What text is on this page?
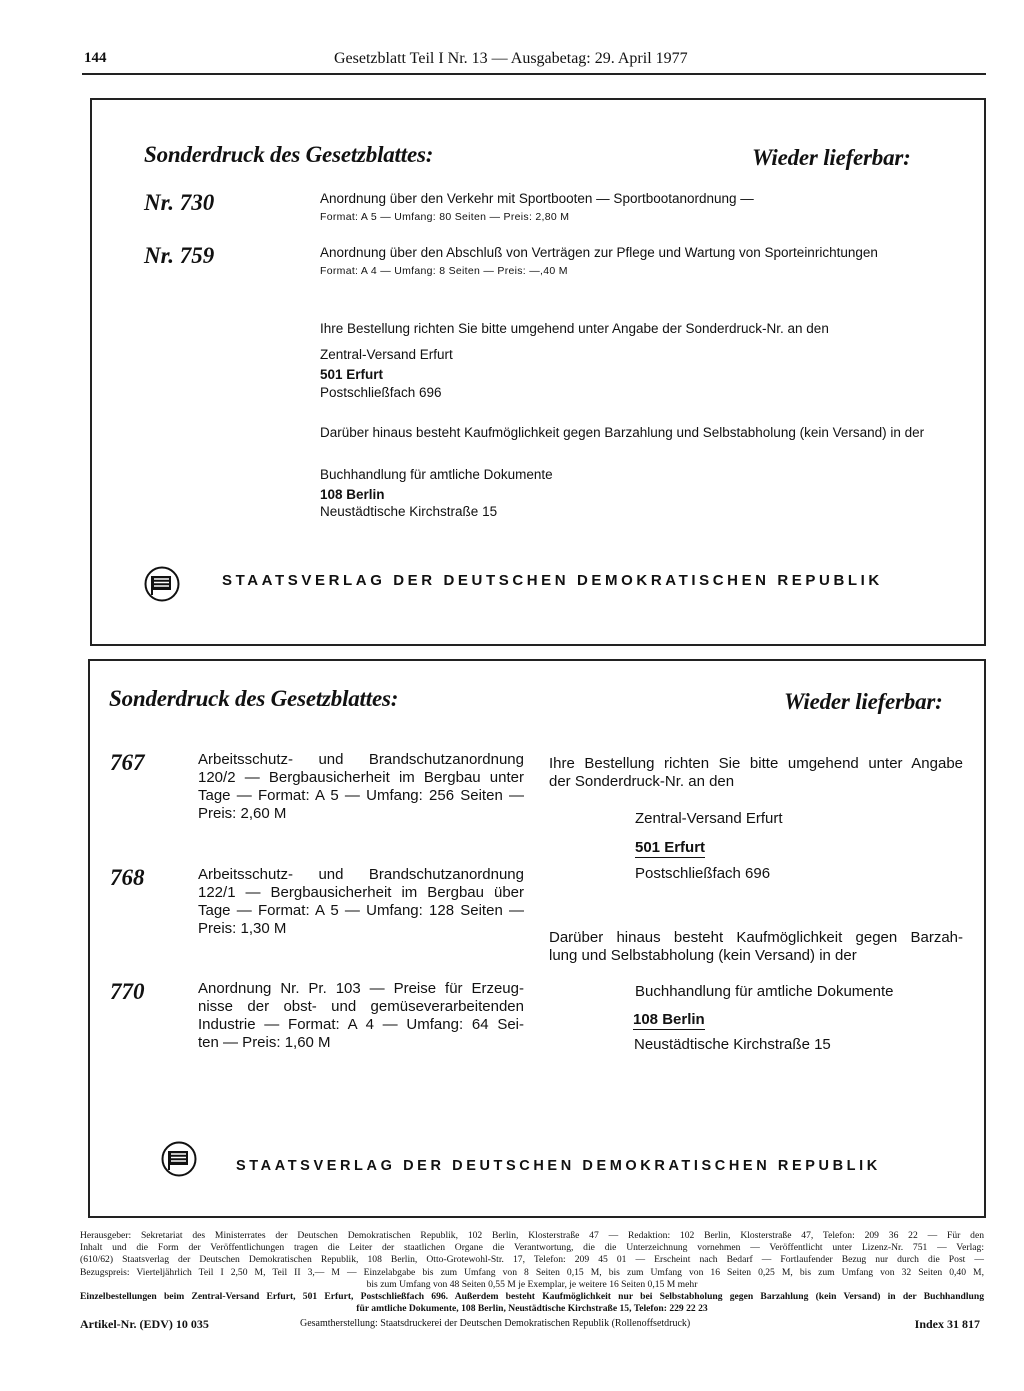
144	Gesetzblatt Teil I Nr. 13 — Ausgabetag: 29. April 1977
Sonderdruck des Gesetzblattes:	Wieder lieferbar:
Nr. 730	Anordnung über den Verkehr mit Sportbooten — Sportbootanordnung —
Format: A 5 — Umfang: 80 Seiten — Preis: 2,80 M
Nr. 759	Anordnung über den Abschluß von Verträgen zur Pflege und Wartung von Sporteinrichtungen
Format: A 4 — Umfang: 8 Seiten — Preis: —,40 M
Ihre Bestellung richten Sie bitte umgehend unter Angabe der Sonderdruck-Nr. an den
Zentral-Versand Erfurt
501 Erfurt
Postschließfach 696
Darüber hinaus besteht Kaufmöglichkeit gegen Barzahlung und Selbstabholung (kein Versand) in der
Buchhandlung für amtliche Dokumente
108 Berlin
Neustädtische Kirchstraße 15
STAATSVERLAG DER DEUTSCHEN DEMOKRATISCHEN REPUBLIK
Sonderdruck des Gesetzblattes:	Wieder lieferbar:
767	Arbeitsschutz- und Brandschutzanordnung
120/2 — Bergbausicherheit im Bergbau unter
Tage — Format: A 5 — Umfang: 256 Seiten —
Preis: 2,60 M
768	Arbeitsschutz- und Brandschutzanordnung
122/1 — Bergbausicherheit im Bergbau über
Tage — Format: A 5 — Umfang: 128 Seiten —
Preis: 1,30 M
770	Anordnung Nr. Pr. 103 — Preise für Erzeug-
nisse der obst- und gemüseverarbeitenden
Industrie — Format: A 4 — Umfang: 64 Sei-
ten — Preis: 1,60 M
Ihre Bestellung richten Sie bitte umgehend unter Angabe
der Sonderdruck-Nr. an den
Zentral-Versand Erfurt
501 Erfurt
Postschließfach 696
Darüber hinaus besteht Kaufmöglichkeit gegen Barzah-
lung und Selbstabholung (kein Versand) in der
Buchhandlung für amtliche Dokumente
108 Berlin
Neustädtische Kirchstraße 15
STAATSVERLAG DER DEUTSCHEN DEMOKRATISCHEN REPUBLIK
Herausgeber: Sekretariat des Ministerrates der Deutschen Demokratischen Republik, 102 Berlin, Klosterstraße 47 — Redaktion: 102 Berlin, Klosterstraße 47, Telefon: 209 36 22 — Für den
Inhalt und die Form der Veröffentlichungen tragen die Leiter der staatlichen Organe die Verantwortung, die die Unterzeichnung vornehmen — Veröffentlicht unter Lizenz-Nr. 751 — Verlag:
(610/62) Staatsverlag der Deutschen Demokratischen Republik, 108 Berlin, Otto-Grotewohl-Str. 17, Telefon: 209 45 01 — Erscheint nach Bedarf — Fortlaufender Bezug nur durch die Post —
Bezugspreis: Vierteljährlich Teil I 2,50 M, Teil II 3,— M — Einzelabgabe bis zum Umfang von 8 Seiten 0,15 M, bis zum Umfang von 16 Seiten 0,25 M, bis zum Umfang von 32 Seiten 0,40 M,
bis zum Umfang von 48 Seiten 0,55 M je Exemplar, je weitere 16 Seiten 0,15 M mehr
Einzelbestellungen beim Zentral-Versand Erfurt, 501 Erfurt, Postschließfach 696. Außerdem besteht Kaufmöglichkeit nur bei Selbstabholung gegen Barzahlung (kein Versand) in der Buchhandlung
für amtliche Dokumente, 108 Berlin, Neustädtische Kirchstraße 15, Telefon: 229 22 23
Artikel-Nr. (EDV) 10 035	Gesamtherstellung: Staatsdruckerei der Deutschen Demokratischen Republik (Rollenoffsetdruck)	Index 31 817
